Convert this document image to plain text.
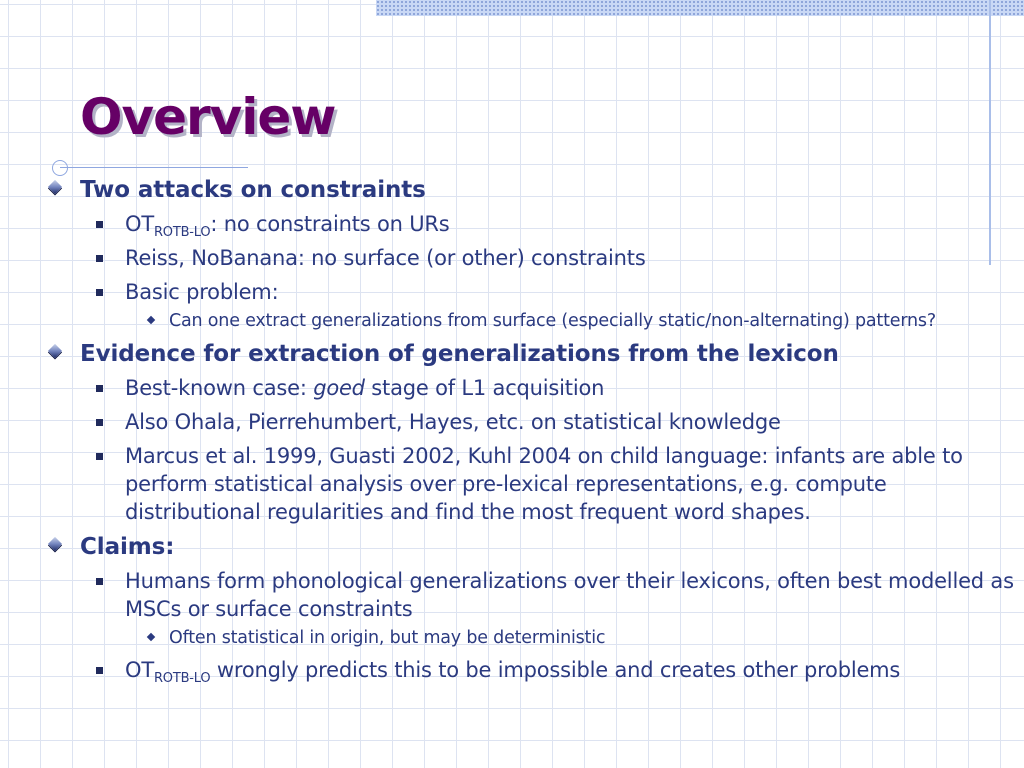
Overview
Two attacks on constraints
$OT_{ROTB-LO}$: no constraints on URs
Reiss, NoBanana: no surface (or other) constraints
Basic problem:
Can one extract generalizations from surface (especially static/non-alternating) patterns?
Evidence for extraction of generalizations from the lexicon
Best-known case: goed stage of L1 acquisition
Also Ohala, Pierrehumbert, Hayes, etc. on statistical knowledge
Marcus et al. 1999, Guasti 2002, Kuhl 2004 on child language: infants are able to perform statistical analysis over pre-lexical representations, e.g. compute distributional regularities and find the most frequent word shapes.
Claims:
Humans form phonological generalizations over their lexicons, often best modelled as MSCs or surface constraints
Often statistical in origin, but may be deterministic
$OT_{ROTB-LO}$ wrongly predicts this to be impossible and creates other problems
